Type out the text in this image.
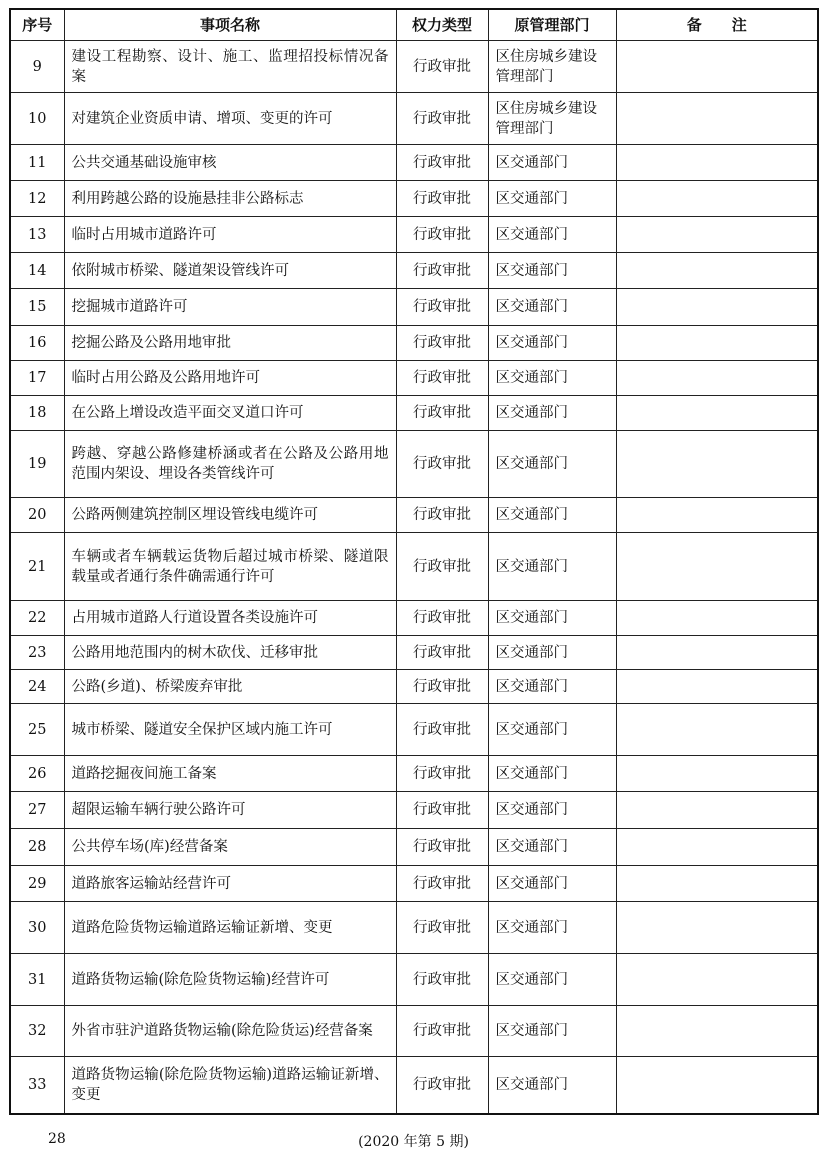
序号	事项名称	权力类型	原管理部门	备　　注
9	建设工程勘察、设计、施工、监理招投标情况备案	行政审批	区住房城乡建设管理部门	
10	对建筑企业资质申请、增项、变更的许可	行政审批	区住房城乡建设管理部门	
11	公共交通基础设施审核	行政审批	区交通部门	
12	利用跨越公路的设施悬挂非公路标志	行政审批	区交通部门	
13	临时占用城市道路许可	行政审批	区交通部门	
14	依附城市桥梁、隧道架设管线许可	行政审批	区交通部门	
15	挖掘城市道路许可	行政审批	区交通部门	
16	挖掘公路及公路用地审批	行政审批	区交通部门	
17	临时占用公路及公路用地许可	行政审批	区交通部门	
18	在公路上增设改造平面交叉道口许可	行政审批	区交通部门	
19	跨越、穿越公路修建桥涵或者在公路及公路用地范围内架设、埋设各类管线许可	行政审批	区交通部门	
20	公路两侧建筑控制区埋设管线电缆许可	行政审批	区交通部门	
21	车辆或者车辆载运货物后超过城市桥梁、隧道限载量或者通行条件确需通行许可	行政审批	区交通部门	
22	占用城市道路人行道设置各类设施许可	行政审批	区交通部门	
23	公路用地范围内的树木砍伐、迁移审批	行政审批	区交通部门	
24	公路(乡道)、桥梁废弃审批	行政审批	区交通部门	
25	城市桥梁、隧道安全保护区域内施工许可	行政审批	区交通部门	
26	道路挖掘夜间施工备案	行政审批	区交通部门	
27	超限运输车辆行驶公路许可	行政审批	区交通部门	
28	公共停车场(库)经营备案	行政审批	区交通部门	
29	道路旅客运输站经营许可	行政审批	区交通部门	
30	道路危险货物运输道路运输证新增、变更	行政审批	区交通部门	
31	道路货物运输(除危险货物运输)经营许可	行政审批	区交通部门	
32	外省市驻沪道路货物运输(除危险货运)经营备案	行政审批	区交通部门	
33	道路货物运输(除危险货物运输)道路运输证新增、变更	行政审批	区交通部门	
28	(2020 年第 5 期)
